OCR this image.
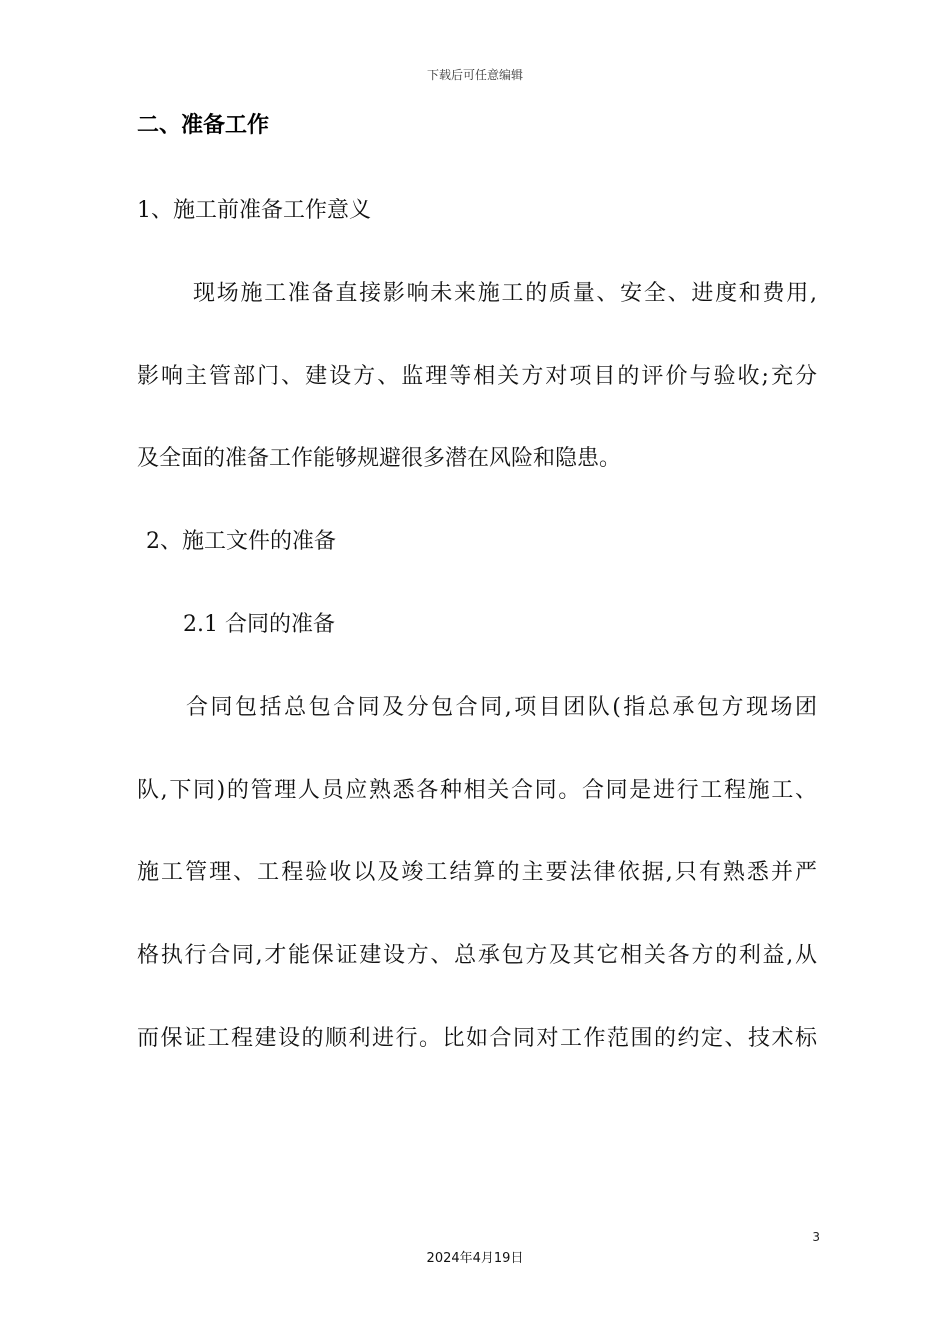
下载后可任意编辑
二、准备工作
1、施工前准备工作意义
现场施工准备直接影响未来施工的质量、安全、进度和费用,
影响主管部门、建设方、监理等相关方对项目的评价与验收;充分
及全面的准备工作能够规避很多潜在风险和隐患。
2、施工文件的准备
2.1 合同的准备
合同包括总包合同及分包合同,项目团队(指总承包方现场团
队,下同)的管理人员应熟悉各种相关合同。合同是进行工程施工、
施工管理、工程验收以及竣工结算的主要法律依据,只有熟悉并严
格执行合同,才能保证建设方、总承包方及其它相关各方的利益,从
而保证工程建设的顺利进行。比如合同对工作范围的约定、技术标
3
2024年4月19日
